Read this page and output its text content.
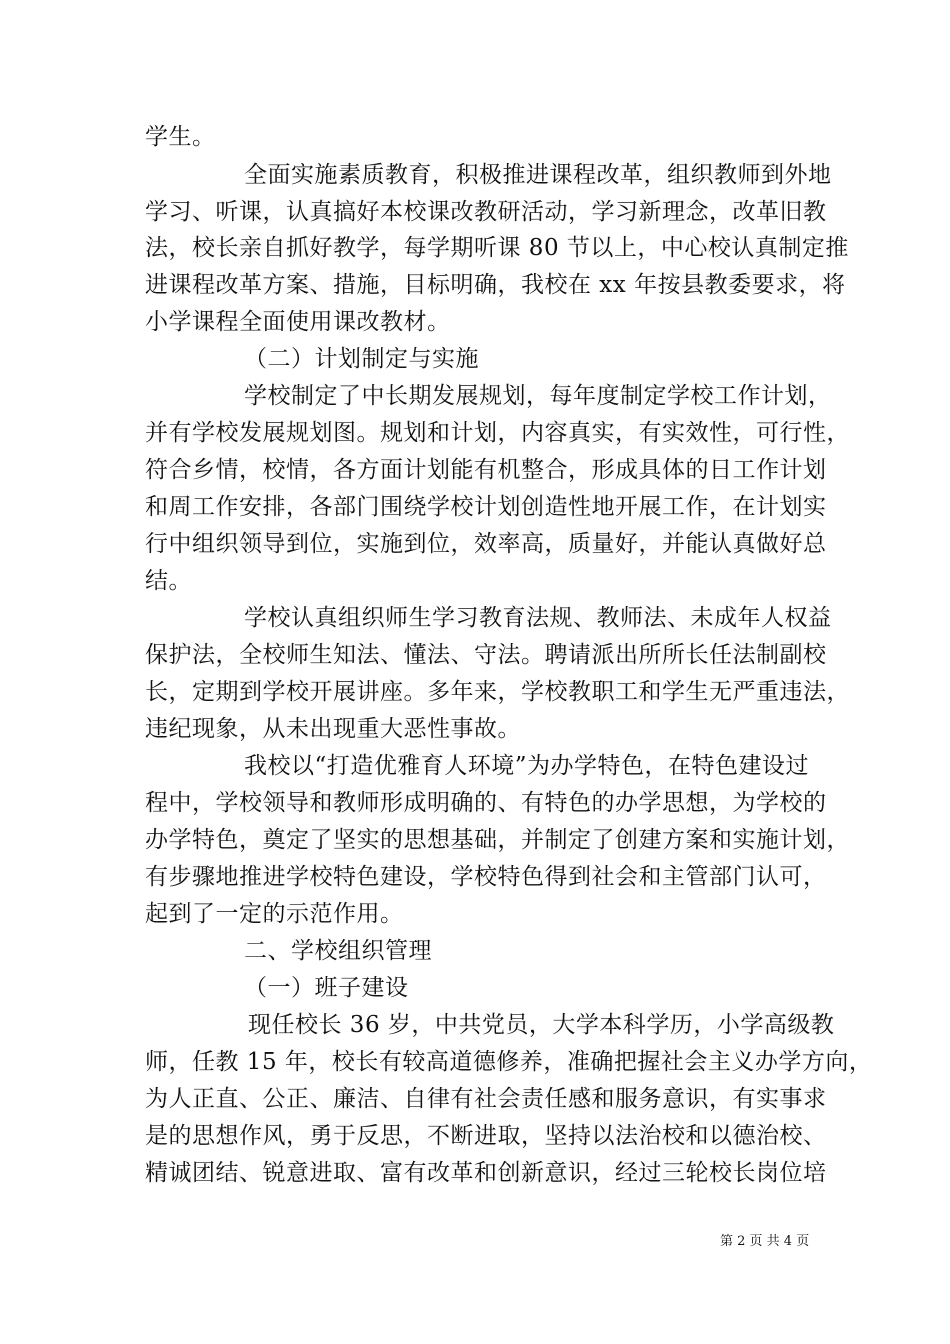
学生。
全面实施素质教育，积极推进课程改革，组织教师到外地
学习、听课，认真搞好本校课改教研活动，学习新理念，改革旧教
法，校长亲自抓好教学，每学期听课 80 节以上，中心校认真制定推
进课程改革方案、措施，目标明确，我校在 xx 年按县教委要求，将
小学课程全面使用课改教材。
（二）计划制定与实施
学校制定了中长期发展规划，每年度制定学校工作计划，
并有学校发展规划图。规划和计划，内容真实，有实效性，可行性，
符合乡情，校情，各方面计划能有机整合，形成具体的日工作计划
和周工作安排，各部门围绕学校计划创造性地开展工作，在计划实
行中组织领导到位，实施到位，效率高，质量好，并能认真做好总
结。
学校认真组织师生学习教育法规、教师法、未成年人权益
保护法，全校师生知法、懂法、守法。聘请派出所所长任法制副校
长，定期到学校开展讲座。多年来，学校教职工和学生无严重违法，
违纪现象，从未出现重大恶性事故。
我校以“打造优雅育人环境”为办学特色，在特色建设过
程中，学校领导和教师形成明确的、有特色的办学思想，为学校的
办学特色，奠定了坚实的思想基础，并制定了创建方案和实施计划，
有步骤地推进学校特色建设，学校特色得到社会和主管部门认可，
起到了一定的示范作用。
二、学校组织管理
（一）班子建设
现任校长 36 岁，中共党员，大学本科学历，小学高级教
师，任教 15 年，校长有较高道德修养，准确把握社会主义办学方向，
为人正直、公正、廉洁、自律有社会责任感和服务意识，有实事求
是的思想作风，勇于反思，不断进取，坚持以法治校和以德治校、
精诚团结、锐意进取、富有改革和创新意识，经过三轮校长岗位培
第 2 页 共 4 页
